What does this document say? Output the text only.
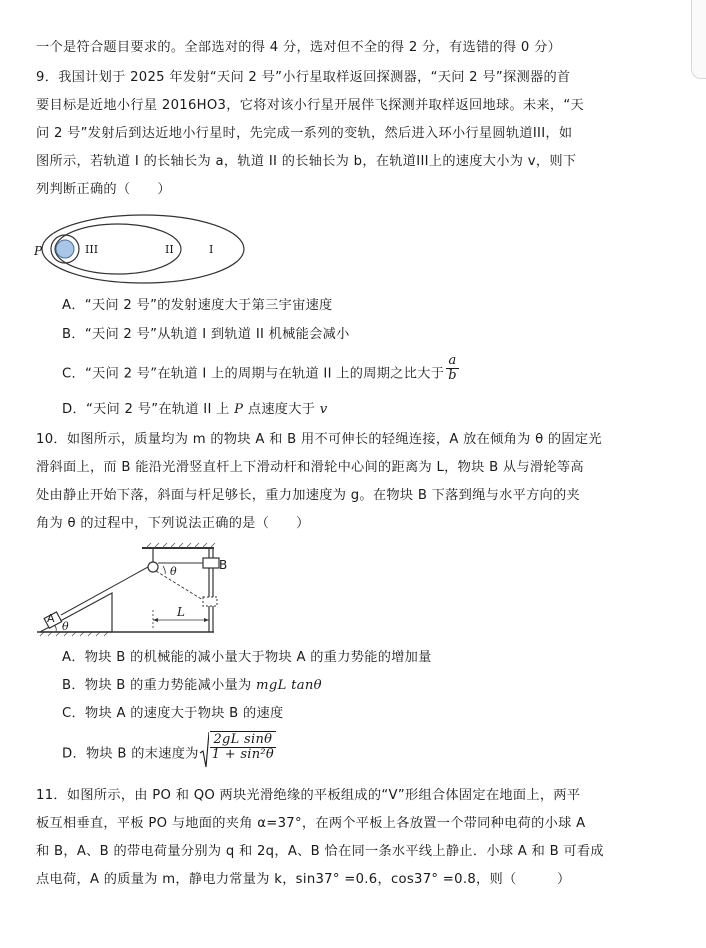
一个是符合题目要求的。全部选对的得 4 分，选对但不全的得 2 分，有选错的得 0 分）
9．我国计划于 2025 年发射“天问 2 号”小行星取样返回探测器，“天问 2 号”探测器的首
要目标是近地小行星 2016HO3，它将对该小行星开展伴飞探测并取样返回地球。未来，“天
问 2 号”发射后到达近地小行星时，先完成一系列的变轨，然后进入环小行星圆轨道III，如
图所示，若轨道 I 的长轴长为 a，轨道 II 的长轴长为 b，在轨道III上的速度大小为 v，则下
列判断正确的（　　）
P	III	II	I
A．“天问 2 号”的发射速度大于第三宇宙速度
B．“天问 2 号”从轨道 I 到轨道 II 机械能会减小
C．“天问 2 号”在轨道 I 上的周期与在轨道 II 上的周期之比大于 $\frac{a}{b}$
D．“天问 2 号”在轨道 II 上 P 点速度大于 v
10．如图所示，质量均为 m 的物块 A 和 B 用不可伸长的轻绳连接，A 放在倾角为 θ 的固定光
滑斜面上，而 B 能沿光滑竖直杆上下滑动杆和滑轮中心间的距离为 L，物块 B 从与滑轮等高
处由静止开始下落，斜面与杆足够长，重力加速度为 g。在物块 B 下落到绳与水平方向的夹
角为 θ 的过程中，下列说法正确的是（　　）
B
θ
A
θ
L
A．物块 B 的机械能的减小量大于物块 A 的重力势能的增加量
B．物块 B 的重力势能减小量为 mgL tanθ
C．物块 A 的速度大于物块 B 的速度
D．物块 B 的末速度为 $\frac{\text{2gL sinθ}}{\text{1 + sin²θ}}$
11．如图所示，由 PO 和 QO 两块光滑绝缘的平板组成的“V”形组合体固定在地面上，两平
板互相垂直，平板 PO 与地面的夹角 α=37°，在两个平板上各放置一个带同种电荷的小球 A
和 B，A、B 的带电荷量分别为 q 和 2q，A、B 恰在同一条水平线上静止．小球 A 和 B 可看成
点电荷，A 的质量为 m，静电力常量为 k，sin37° =0.6，cos37° =0.8，则（　　　）
